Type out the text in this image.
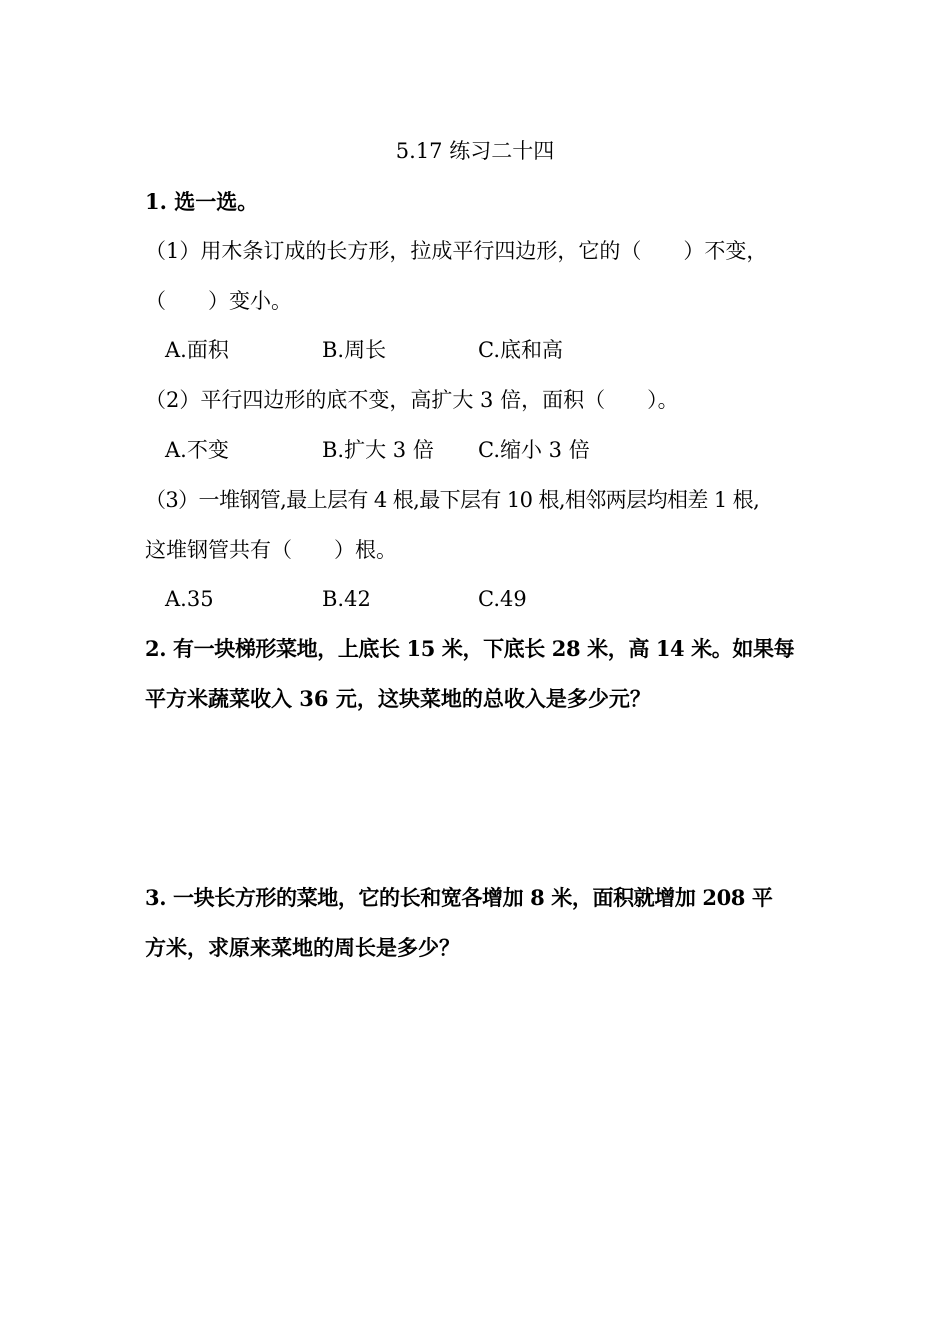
5.17 练习二十四
1. 选一选。
（1）用木条订成的长方形，拉成平行四边形，它的（　　）不变，
（　　）变小。
A.面积	B.周长	C.底和高
（2）平行四边形的底不变，高扩大 3 倍，面积（　　）。
A.不变	B.扩大 3 倍 C.缩小 3 倍
（3）一堆钢管,最上层有 4 根,最下层有 10 根,相邻两层均相差 1 根,
这堆钢管共有（　　）根。
A.35	B.42	C.49
2. 有一块梯形菜地，上底长 15 米，下底长 28 米，高 14 米。如果每
平方米蔬菜收入 36 元，这块菜地的总收入是多少元？
3. 一块长方形的菜地，它的长和宽各增加 8 米，面积就增加 208 平
方米，求原来菜地的周长是多少？
